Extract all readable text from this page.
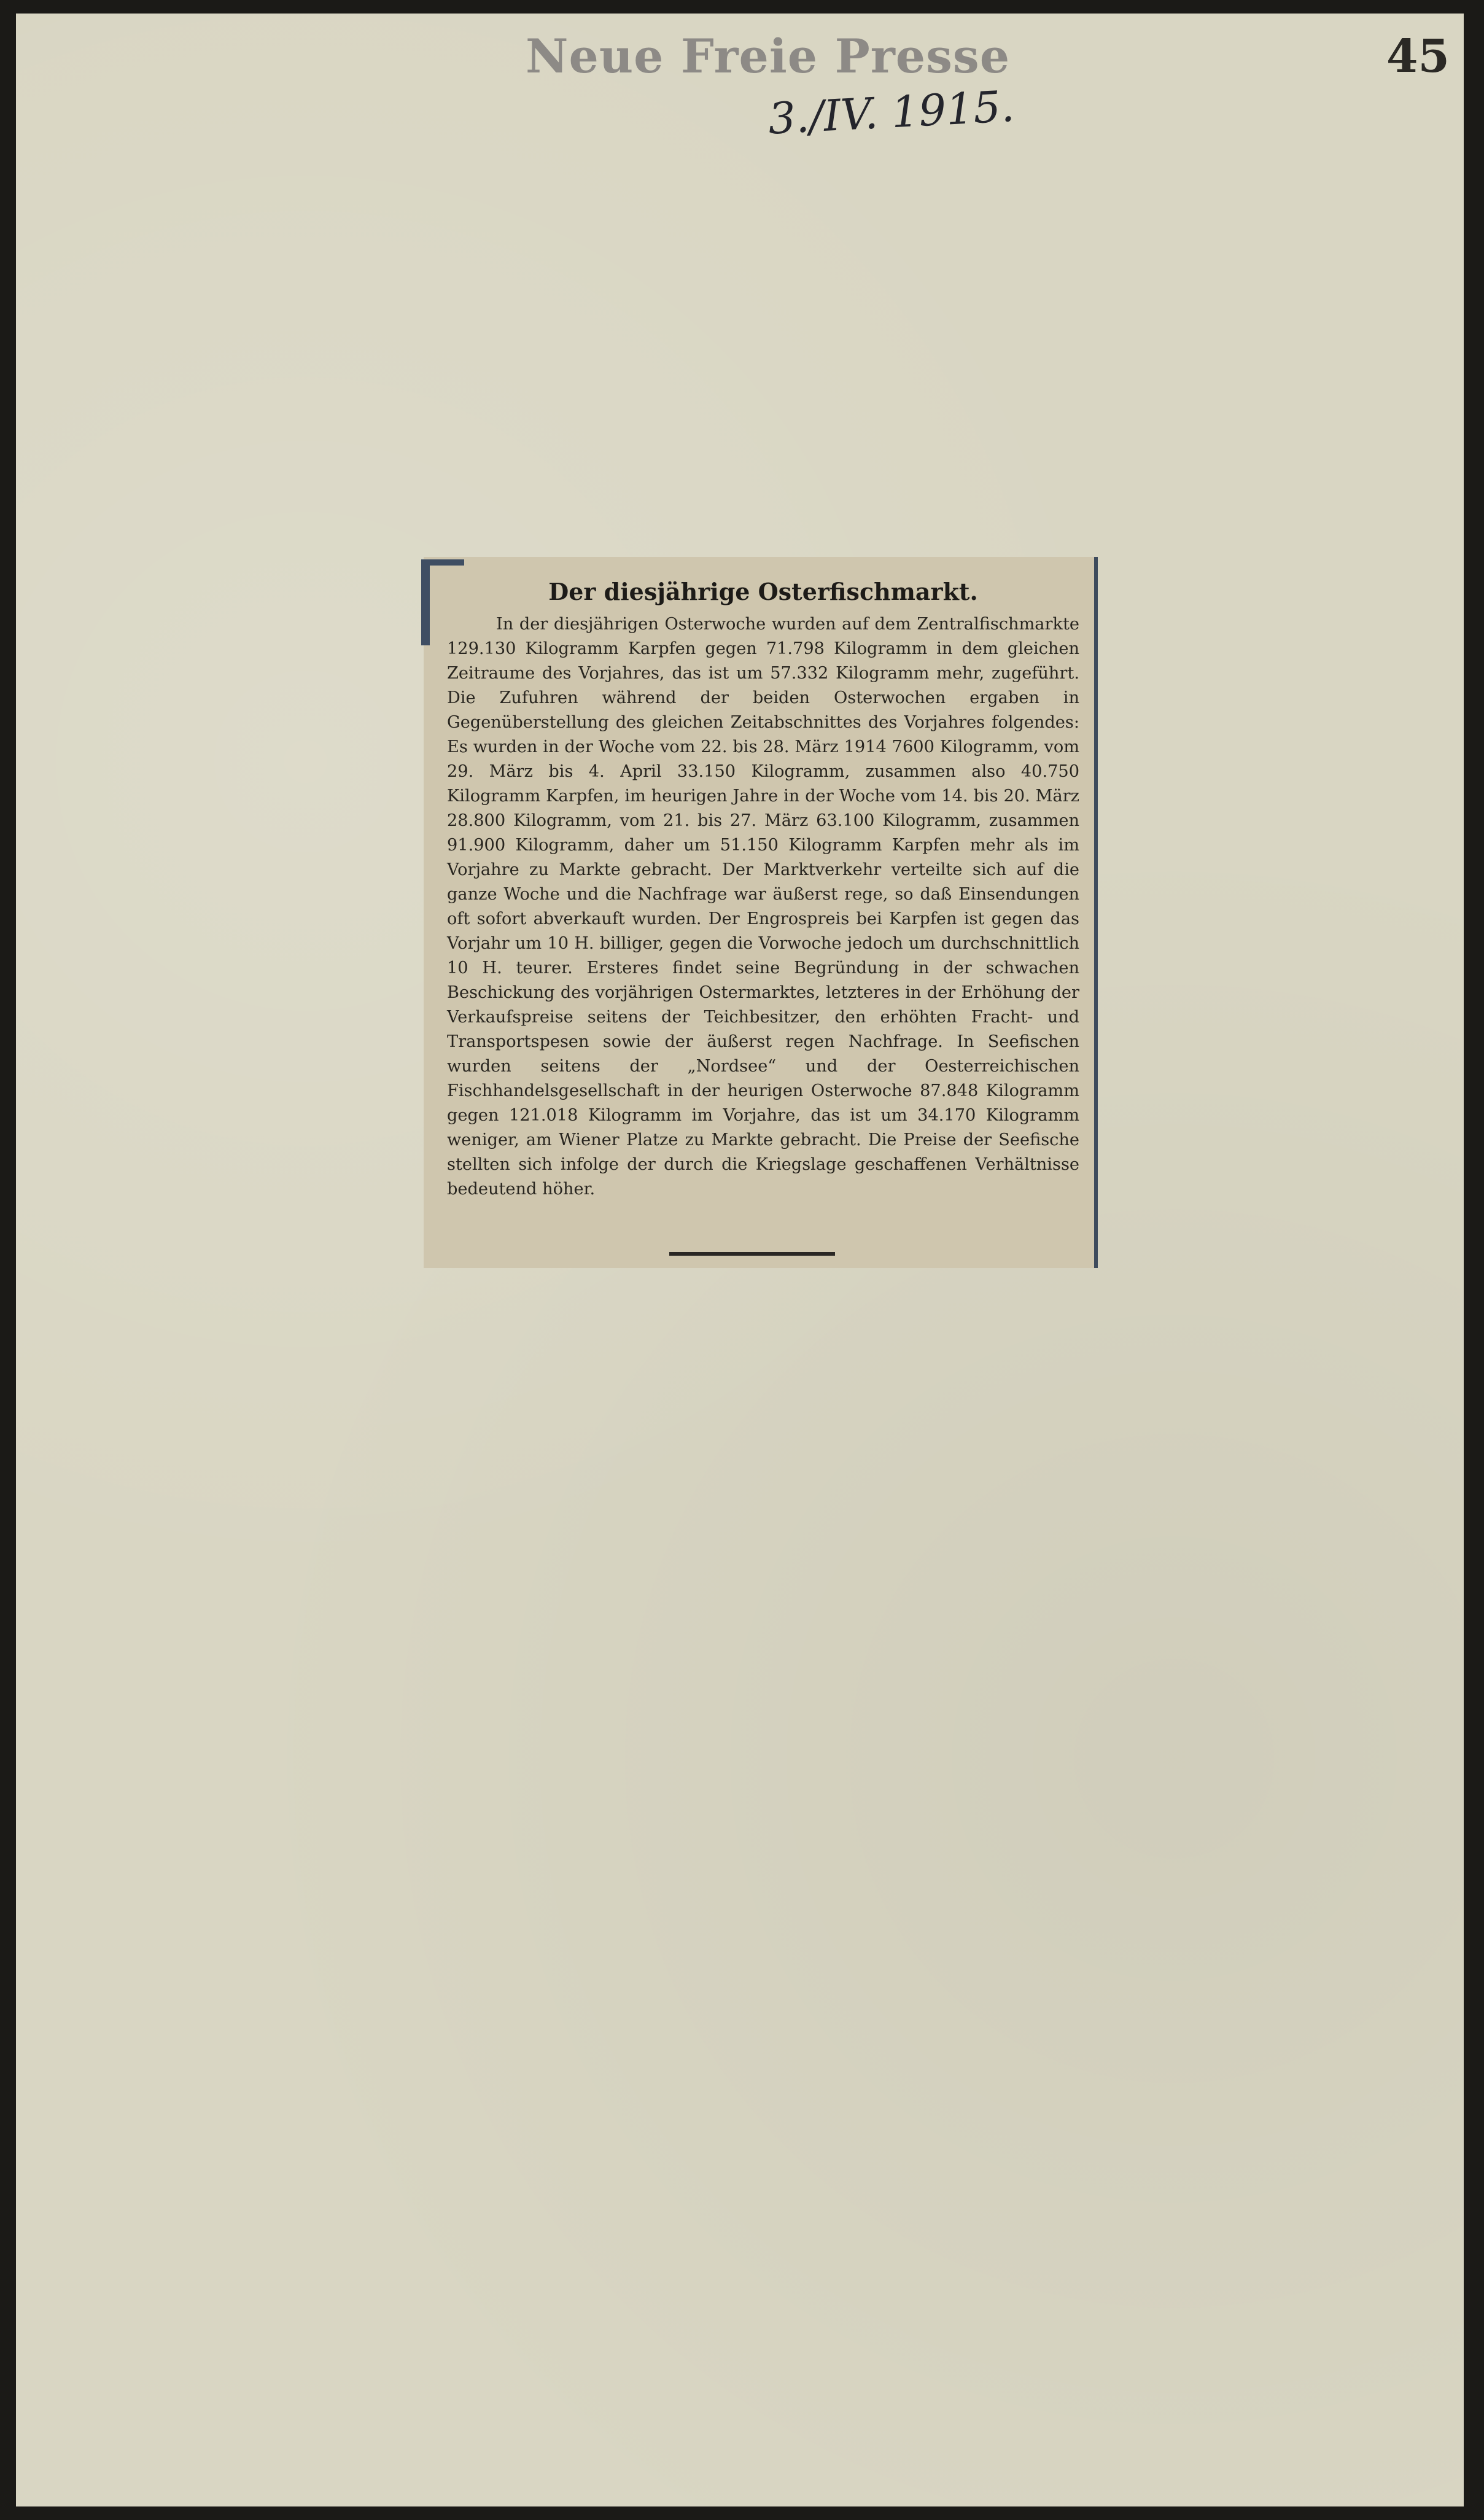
Neue Freie Presse	45
3./IV. 1915.
Der diesjährige Osterfischmarkt.

In der diesjährigen Osterwoche wurden auf dem Zentralfischmarkte 129.130 Kilogramm Karpfen gegen 71.798 Kilogramm in dem gleichen Zeitraume des Vorjahres, das ist um 57.332 Kilogramm mehr, zugeführt. Die Zufuhren während der beiden Osterwochen ergaben in Gegenüberstellung des gleichen Zeitabschnittes des Vorjahres folgendes: Es wurden in der Woche vom 22. bis 28. März 1914 7600 Kilogramm, vom 29. März bis 4. April 33.150 Kilogramm, zusammen also 40.750 Kilogramm Karpfen, im heurigen Jahre in der Woche vom 14. bis 20. März 28.800 Kilogramm, vom 21. bis 27. März 63.100 Kilogramm, zusammen 91.900 Kilogramm, daher um 51.150 Kilogramm Karpfen mehr als im Vorjahre zu Markte gebracht. Der Marktverkehr verteilte sich auf die ganze Woche und die Nachfrage war äußerst rege, so daß Einsendungen oft sofort abverkauft wurden. Der Engrospreis bei Karpfen ist gegen das Vorjahr um 10 H. billiger, gegen die Vorwoche jedoch um durchschnittlich 10 H. teurer. Ersteres findet seine Begründung in der schwachen Beschickung des vorjährigen Ostermarktes, letzteres in der Erhöhung der Verkaufspreise seitens der Teichbesitzer, den erhöhten Fracht- und Transportspesen sowie der äußerst regen Nachfrage. In Seefischen wurden seitens der „Nordsee“ und der Oesterreichischen Fischhandelsgesellschaft in der heurigen Osterwoche 87.848 Kilogramm gegen 121.018 Kilogramm im Vorjahre, das ist um 34.170 Kilogramm weniger, am Wiener Platze zu Markte gebracht. Die Preise der Seefische stellten sich infolge der durch die Kriegslage geschaffenen Verhältnisse bedeutend höher.
